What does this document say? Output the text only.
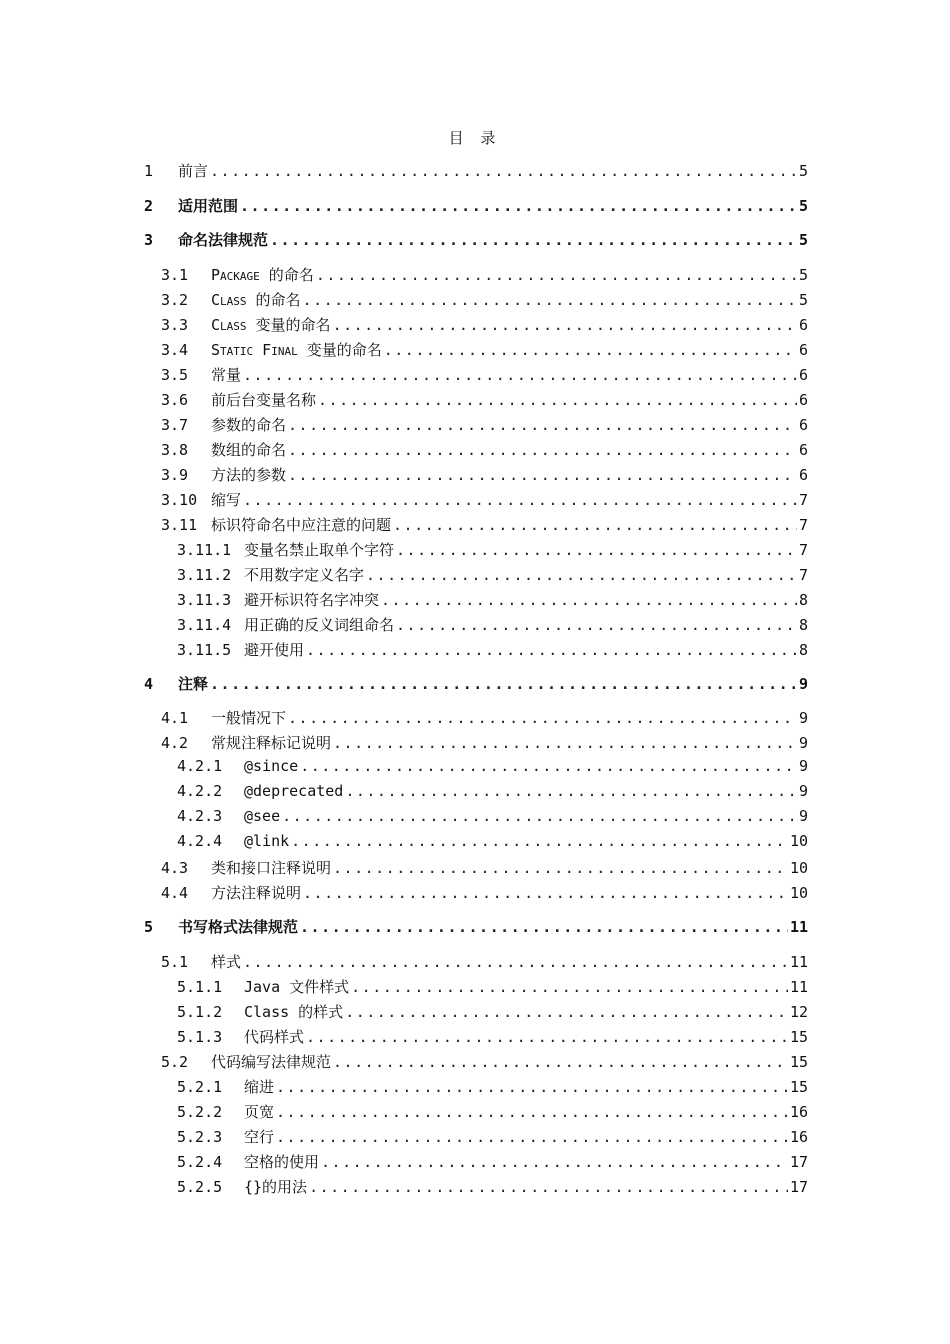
目 录
1	前言 .....	5
2	适用范围 .....	5
3	命名法律规范 .....	5
3.1	Package 的命名 .....	5
3.2	Class 的命名 .....	5
3.3	Class 变量的命名 .....	6
3.4	Static Final 变量的命名 .....	6
3.5	常量 .....	6
3.6	前后台变量名称 .....	6
3.7	参数的命名 .....	6
3.8	数组的命名 .....	6
3.9	方法的参数 .....	6
3.10 缩写 .....	7
3.11 标识符命名中应注意的问题 .....	7
3.11.1 变量名禁止取单个字符 .....	7
3.11.2 不用数字定义名字 .....	7
3.11.3 避开标识符名字冲突 .....	8
3.11.4 用正确的反义词组命名 .....	8
3.11.5 避开使用 .....	8
4	注释 .....	9
4.1	一般情况下 .....	9
4.2	常规注释标记说明 .....	9
4.2.1	@since .....	9
4.2.2	@deprecated .....	9
4.2.3	@see .....	9
4.2.4	@link .....	10
4.3	类和接口注释说明 .....	10
4.4	方法注释说明 .....	10
5	书写格式法律规范 .....	11
5.1	样式 .....	11
5.1.1	Java 文件样式 .....	11
5.1.2	Class 的样式 .....	12
5.1.3	代码样式 .....	15
5.2	代码编写法律规范 .....	15
5.2.1	缩进 .....	15
5.2.2	页宽 .....	16
5.2.3	空行 .....	16
5.2.4	空格的使用 .....	17
5.2.5	{}的用法 .....	17
